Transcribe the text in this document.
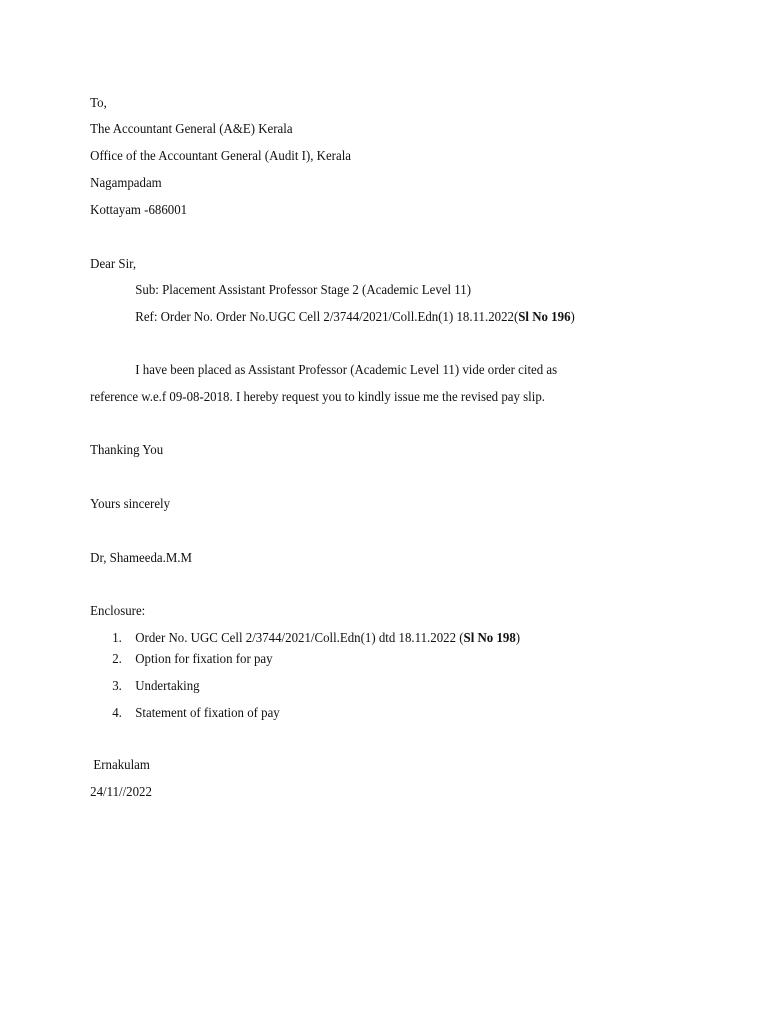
To,
The Accountant General (A&E) Kerala
Office of the Accountant General (Audit I), Kerala
Nagampadam
Kottayam -686001
Dear Sir,
Sub: Placement Assistant Professor Stage 2 (Academic Level 11)
Ref: Order No. Order No.UGC Cell 2/3744/2021/Coll.Edn(1) 18.11.2022(Sl No 196)
I have been placed as Assistant Professor (Academic Level 11) vide order cited as
reference w.e.f 09-08-2018. I hereby request you to kindly issue me the revised pay slip.
Thanking You
Yours sincerely
Dr, Shameeda.M.M
Enclosure:
1. Order No. UGC Cell 2/3744/2021/Coll.Edn(1) dtd 18.11.2022 (Sl No 198)
2. Option for fixation for pay
3. Undertaking
4. Statement of fixation of pay
Ernakulam
24/11//2022
